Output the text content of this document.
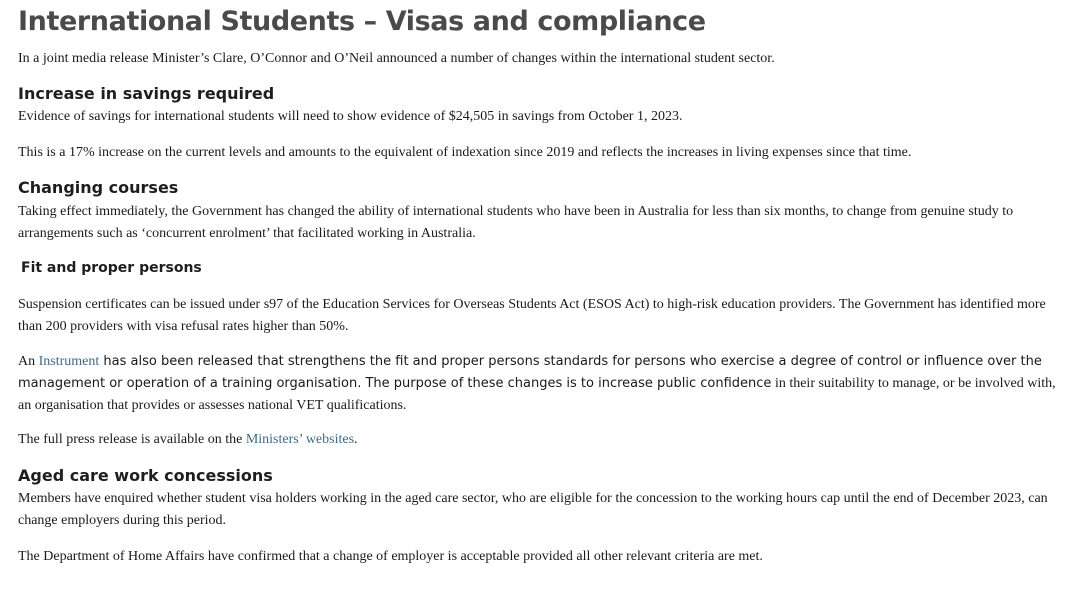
International Students – Visas and compliance

In a joint media release Minister’s Clare, O’Connor and O’Neil announced a number of changes within the international student sector.

Increase in savings required

Evidence of savings for international students will need to show evidence of $24,505 in savings from October 1, 2023.

This is a 17% increase on the current levels and amounts to the equivalent of indexation since 2019 and reflects the increases in living expenses since that time.

Changing courses

Taking effect immediately, the Government has changed the ability of international students who have been in Australia for less than six months, to change from genuine study to arrangements such as ‘concurrent enrolment’ that facilitated working in Australia.

Fit and proper persons

Suspension certificates can be issued under s97 of the Education Services for Overseas Students Act (ESOS Act) to high-risk education providers. The Government has identified more than 200 providers with visa refusal rates higher than 50%.

An Instrument has also been released that strengthens the fit and proper persons standards for persons who exercise a degree of control or influence over the management or operation of a training organisation. The purpose of these changes is to increase public confidence in their suitability to manage, or be involved with, an organisation that provides or assesses national VET qualifications.

The full press release is available on the Ministers’ websites.

Aged care work concessions

Members have enquired whether student visa holders working in the aged care sector, who are eligible for the concession to the working hours cap until the end of December 2023, can change employers during this period.

The Department of Home Affairs have confirmed that a change of employer is acceptable provided all other relevant criteria are met.
